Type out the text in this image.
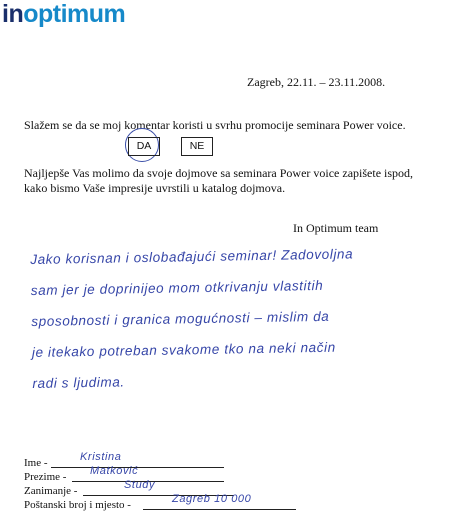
inoptimum
Zagreb, 22.11. – 23.11.2008.
Slažem se da se moj komentar koristi u svrhu promocije seminara Power voice.
DA	NE
Najljepše Vas molimo da svoje dojmove sa seminara Power voice zapišete ispod,
kako bismo Vaše impresije uvrstili u katalog dojmova.
In Optimum team

Jako korisnan i oslobađajući seminar! Zadovoljna

sam jer je doprinijeo mom otkrivanju vlastitih

sposobnosti i granica mogućnosti – mislim da

je itekako potreban svakome tko na neki način

radi s ljudima.

Ime -	Kristina
Prezime - Matković
Zanimanje -	Study
Poštanski broj i mjesto -	Zagreb 10 000
